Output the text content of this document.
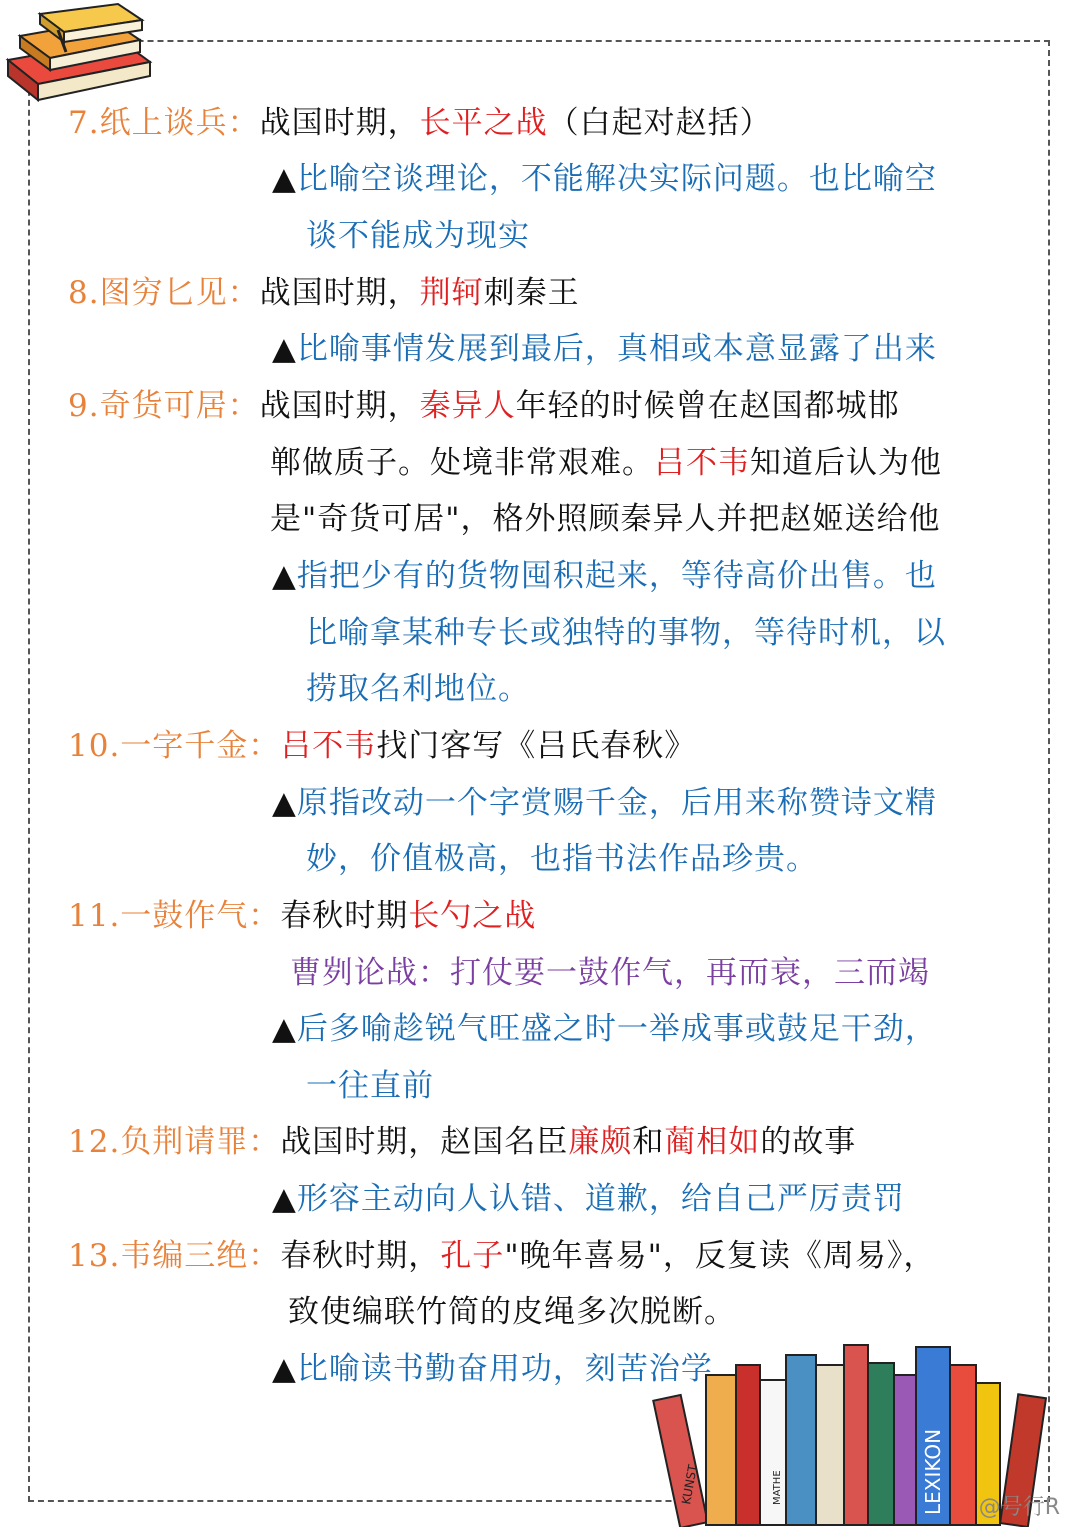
KUNST	MATHE	LEXIKON
7.纸上谈兵：战国时期，长平之战（白起对赵括）
▲比喻空谈理论，不能解决实际问题。也比喻空
谈不能成为现实
8.图穷匕见：战国时期，荆轲刺秦王
▲比喻事情发展到最后，真相或本意显露了出来
9.奇货可居：战国时期，秦异人年轻的时候曾在赵国都城邯
郸做质子。处境非常艰难。吕不韦知道后认为他
是"奇货可居"，格外照顾秦异人并把赵姬送给他
▲指把少有的货物囤积起来，等待高价出售。也
比喻拿某种专长或独特的事物，等待时机，以
捞取名利地位。
10.一字千金：吕不韦找门客写《吕氏春秋》
▲原指改动一个字赏赐千金，后用来称赞诗文精
妙，价值极高，也指书法作品珍贵。
11.一鼓作气：春秋时期长勺之战
曹刿论战：打仗要一鼓作气，再而衰，三而竭
▲后多喻趁锐气旺盛之时一举成事或鼓足干劲，
一往直前
12.负荆请罪：战国时期，赵国名臣廉颇和蔺相如的故事
▲形容主动向人认错、道歉，给自己严厉责罚
13.韦编三绝：春秋时期，孔子"晚年喜易"，反复读《周易》，
致使编联竹简的皮绳多次脱断。
▲比喻读书勤奋用功，刻苦治学
@号行R
